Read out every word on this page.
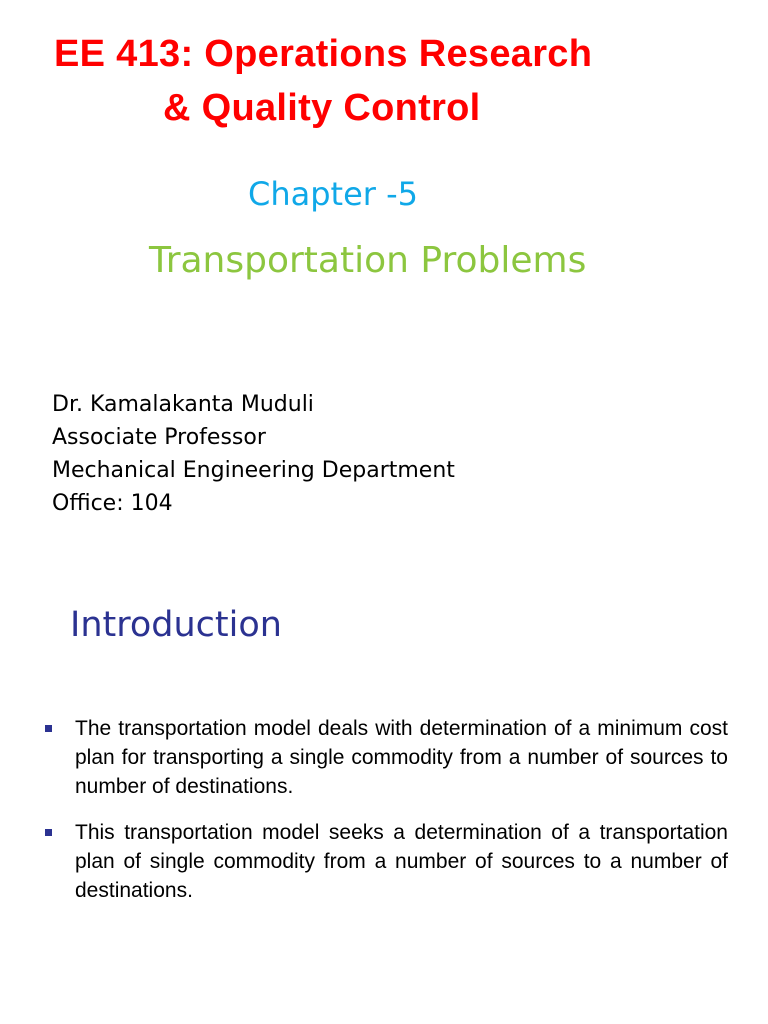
EE 413: Operations Research
& Quality Control
Chapter -5
Transportation Problems
Dr. Kamalakanta Muduli
Associate Professor
Mechanical Engineering Department
Office: 104
Introduction
The transportation model deals with determination of a minimum cost plan for transporting a single commodity from a number of sources to number of destinations.
This transportation model seeks a determination of a transportation plan of single commodity from a number of sources to a number of destinations.
